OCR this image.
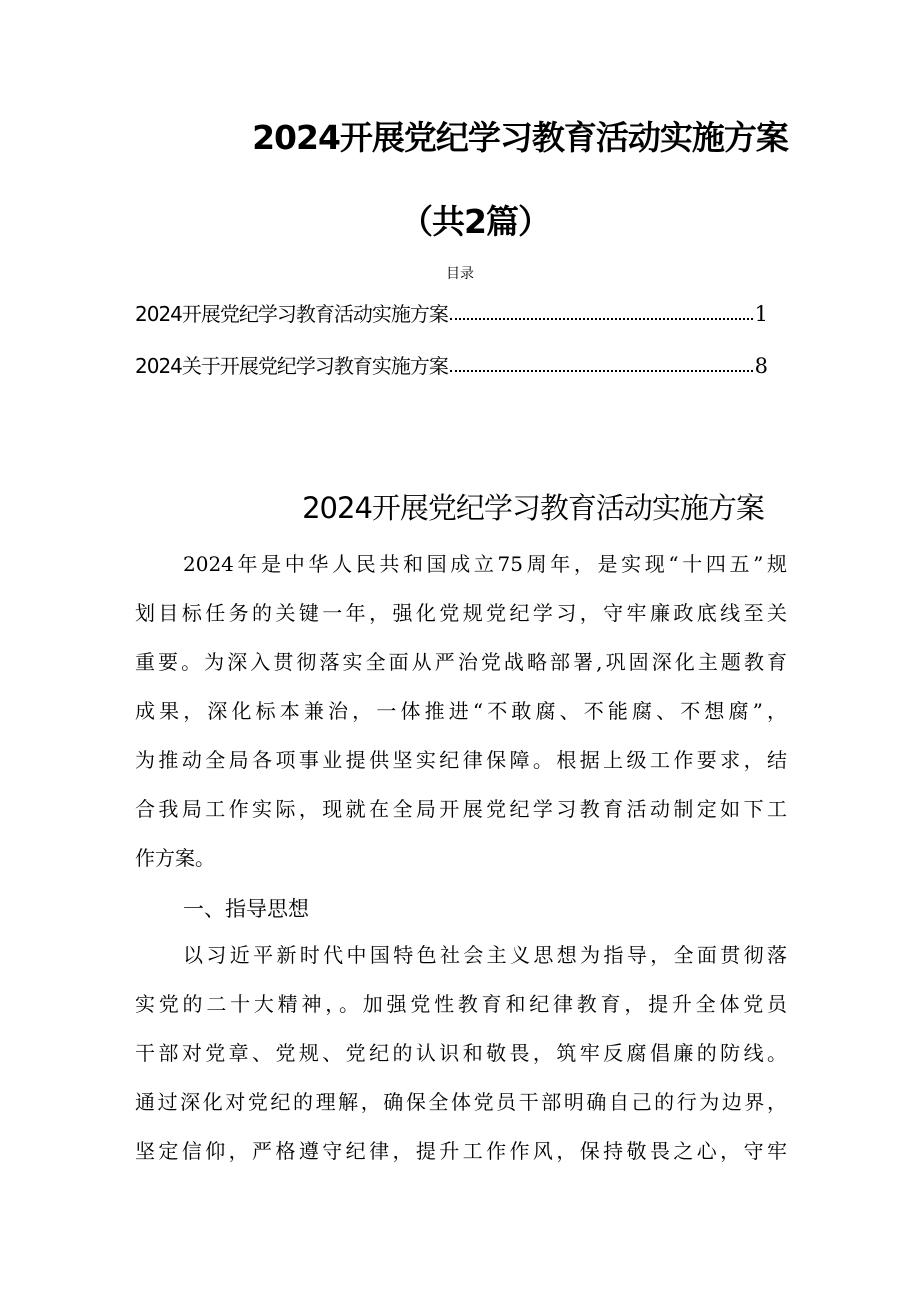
2024开展党纪学习教育活动实施方案
（共2篇）
目录
2024开展党纪学习教育活动实施方案	1
2024关于开展党纪学习教育实施方案	8
2024开展党纪学习教育活动实施方案
2024年是中华人民共和国成立75周年，是实现“十四五”规
划目标任务的关键一年，强化党规党纪学习，守牢廉政底线至关
重要。为深入贯彻落实全面从严治党战略部署,巩固深化主题教育
成果，深化标本兼治，一体推进“不敢腐、不能腐、不想腐”，
为推动全局各项事业提供坚实纪律保障。根据上级工作要求，结
合我局工作实际，现就在全局开展党纪学习教育活动制定如下工
作方案。
一、指导思想
以习近平新时代中国特色社会主义思想为指导，全面贯彻落
实党的二十大精神，。加强党性教育和纪律教育，提升全体党员
干部对党章、党规、党纪的认识和敬畏，筑牢反腐倡廉的防线。
通过深化对党纪的理解，确保全体党员干部明确自己的行为边界，
坚定信仰，严格遵守纪律，提升工作作风，保持敬畏之心，守牢
